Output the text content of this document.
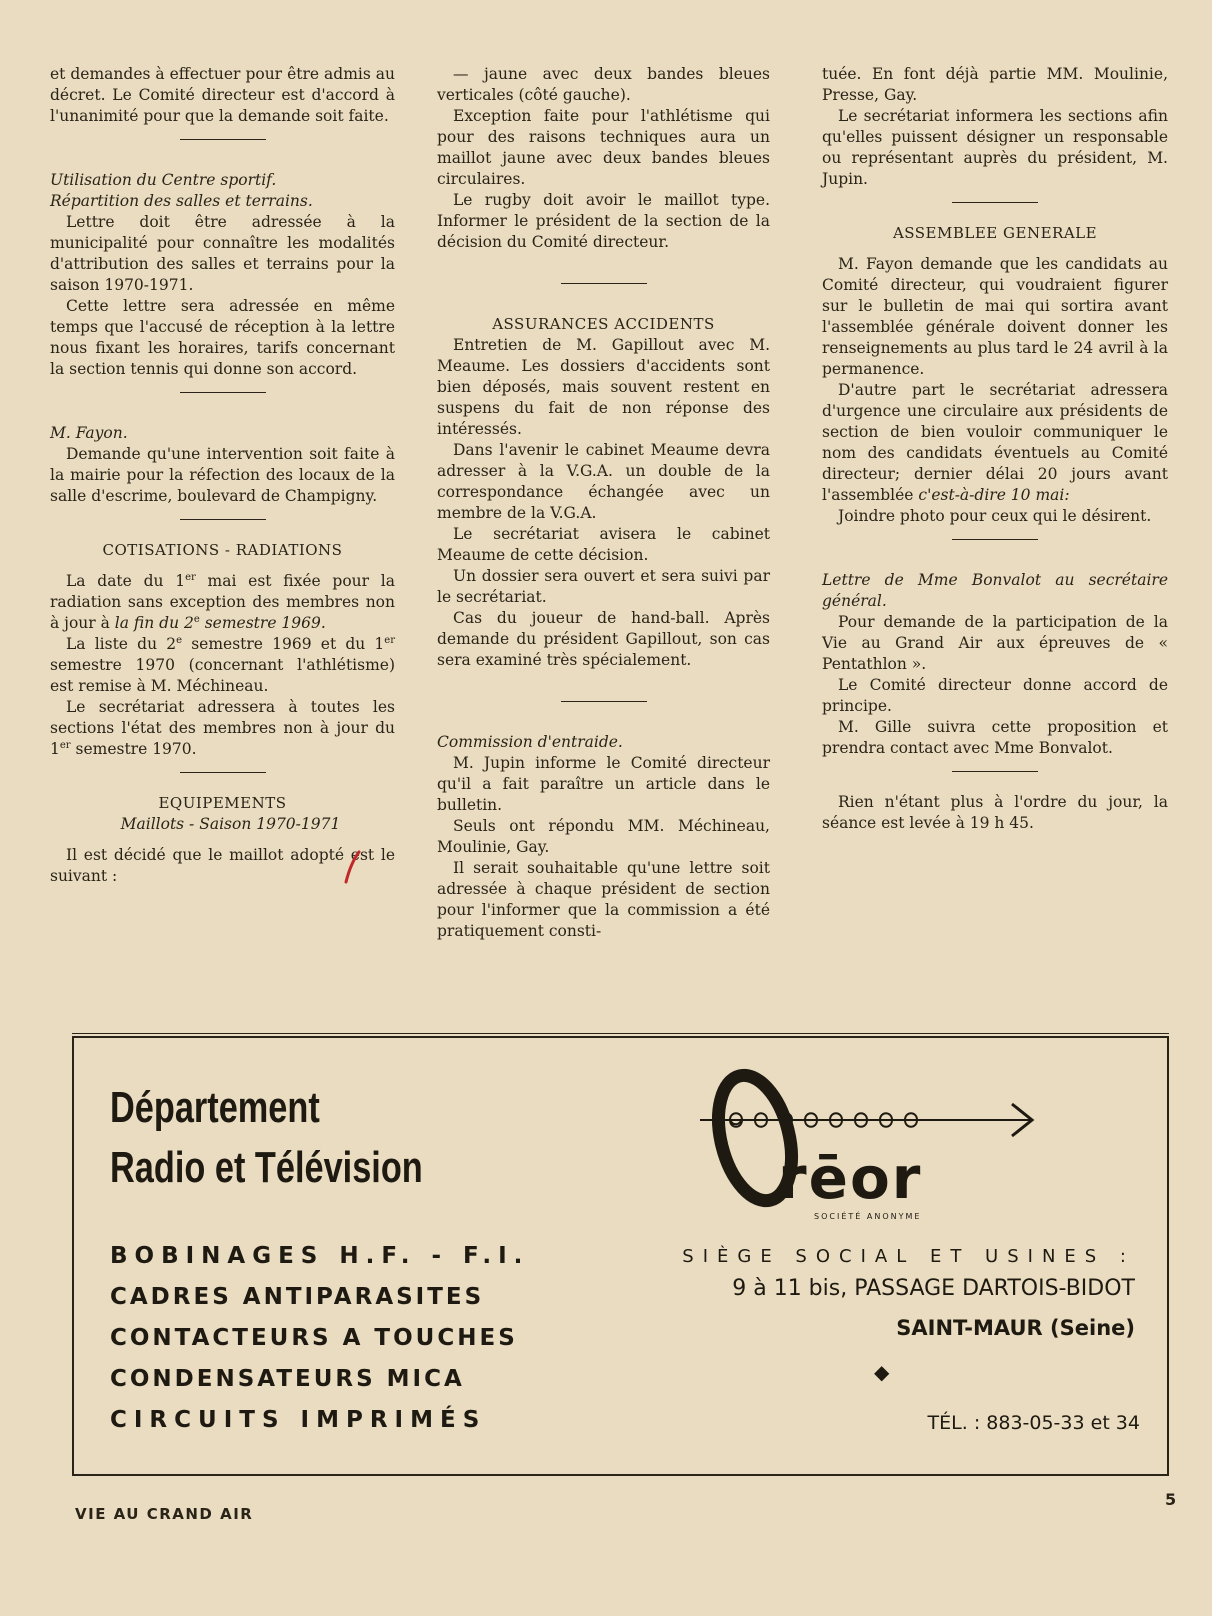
et demandes à effectuer pour être admis au décret. Le Comité directeur est d'accord à l'unanimité pour que la demande soit faite.

Utilisation du Centre sportif.

Répartition des salles et terrains.

Lettre doit être adressée à la municipalité pour connaître les modalités d'attribution des salles et terrains pour la saison 1970-1971.

Cette lettre sera adressée en même temps que l'accusé de réception à la lettre nous fixant les horaires, tarifs concernant la section tennis qui donne son accord.

M. Fayon.

Demande qu'une intervention soit faite à la mairie pour la réfection des locaux de la salle d'escrime, boulevard de Champigny.

COTISATIONS - RADIATIONS

La date du 1er mai est fixée pour la radiation sans exception des membres non à jour à la fin du 2e semestre 1969.

La liste du 2e semestre 1969 et du 1er semestre 1970 (concernant l'athlétisme) est remise à M. Méchineau.

Le secrétariat adressera à toutes les sections l'état des membres non à jour du 1er semestre 1970.

EQUIPEMENTS

Maillots - Saison 1970-1971

Il est décidé que le maillot adopté est le suivant :

— jaune avec deux bandes bleues verticales (côté gauche).

Exception faite pour l'athlétisme qui pour des raisons techniques aura un maillot jaune avec deux bandes bleues circulaires.

Le rugby doit avoir le maillot type. Informer le président de la section de la décision du Comité directeur.

ASSURANCES ACCIDENTS

Entretien de M. Gapillout avec M. Meaume. Les dossiers d'accidents sont bien déposés, mais souvent restent en suspens du fait de non réponse des intéressés.

Dans l'avenir le cabinet Meaume devra adresser à la V.G.A. un double de la correspondance échangée avec un membre de la V.G.A.

Le secrétariat avisera le cabinet Meaume de cette décision.

Un dossier sera ouvert et sera suivi par le secrétariat.

Cas du joueur de hand-ball. Après demande du président Gapillout, son cas sera examiné très spécialement.

Commission d'entraide.

M. Jupin informe le Comité directeur qu'il a fait paraître un article dans le bulletin.

Seuls ont répondu MM. Méchineau, Moulinie, Gay.

Il serait souhaitable qu'une lettre soit adressée à chaque président de section pour l'informer que la commission a été pratiquement consti-

tuée. En font déjà partie MM. Moulinie, Presse, Gay.

Le secrétariat informera les sections afin qu'elles puissent désigner un responsable ou représentant auprès du président, M. Jupin.

ASSEMBLEE GENERALE

M. Fayon demande que les candidats au Comité directeur, qui voudraient figurer sur le bulletin de mai qui sortira avant l'assemblée générale doivent donner les renseignements au plus tard le 24 avril à la permanence.

D'autre part le secrétariat adressera d'urgence une circulaire aux présidents de section de bien vouloir communiquer le nom des candidats éventuels au Comité directeur; dernier délai 20 jours avant l'assemblée c'est-à-dire 10 mai:

Joindre photo pour ceux qui le désirent.

Lettre de Mme Bonvalot au secrétaire général.

Pour demande de la participation de la Vie au Grand Air aux épreuves de « Pentathlon ».

Le Comité directeur donne accord de principe.

M. Gille suivra cette proposition et prendra contact avec Mme Bonvalot.

Rien n'étant plus à l'ordre du jour, la séance est levée à 19 h 45.

Département
Radio et Télévision
BOBINAGES H.F. - F.I.
CADRES ANTIPARASITES
CONTACTEURS A TOUCHES
CONDENSATEURS MICA
CIRCUITS IMPRIMÉS
rēor
SOCIÉTÉ ANONYME
SIÈGE SOCIAL ET USINES :
9 à 11 bis, PASSAGE DARTOIS-BIDOT
SAINT-MAUR (Seine)
◆
TÉL. : 883-05-33 et 34
VIE AU CRAND AIR
5
